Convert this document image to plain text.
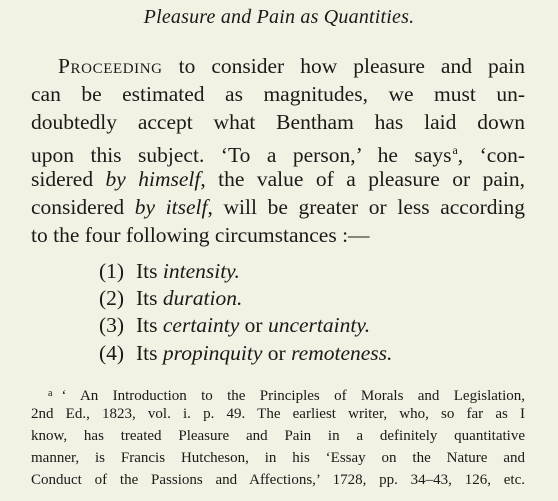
Pleasure and Pain as Quantities.
Proceeding to consider how pleasure and pain
can be estimated as magnitudes, we must un-
doubtedly accept what Bentham has laid down
upon this subject. ‘To a person,’ he says$^a$, ‘con-
sidered by himself, the value of a pleasure or pain,
considered by itself, will be greater or less according
to the four following circumstances :—
(1) Its intensity.
(2) Its duration.
(3) Its certainty or uncertainty.
(4) Its propinquity or remoteness.
$^a$ ‘ An Introduction to the Principles of Morals and Legislation,
2nd Ed., 1823, vol. i. p. 49. The earliest writer, who, so far as I
know, has treated Pleasure and Pain in a definitely quantitative
manner, is Francis Hutcheson, in his ‘Essay on the Nature and
Conduct of the Passions and Affections,’ 1728, pp. 34–43, 126, etc.
